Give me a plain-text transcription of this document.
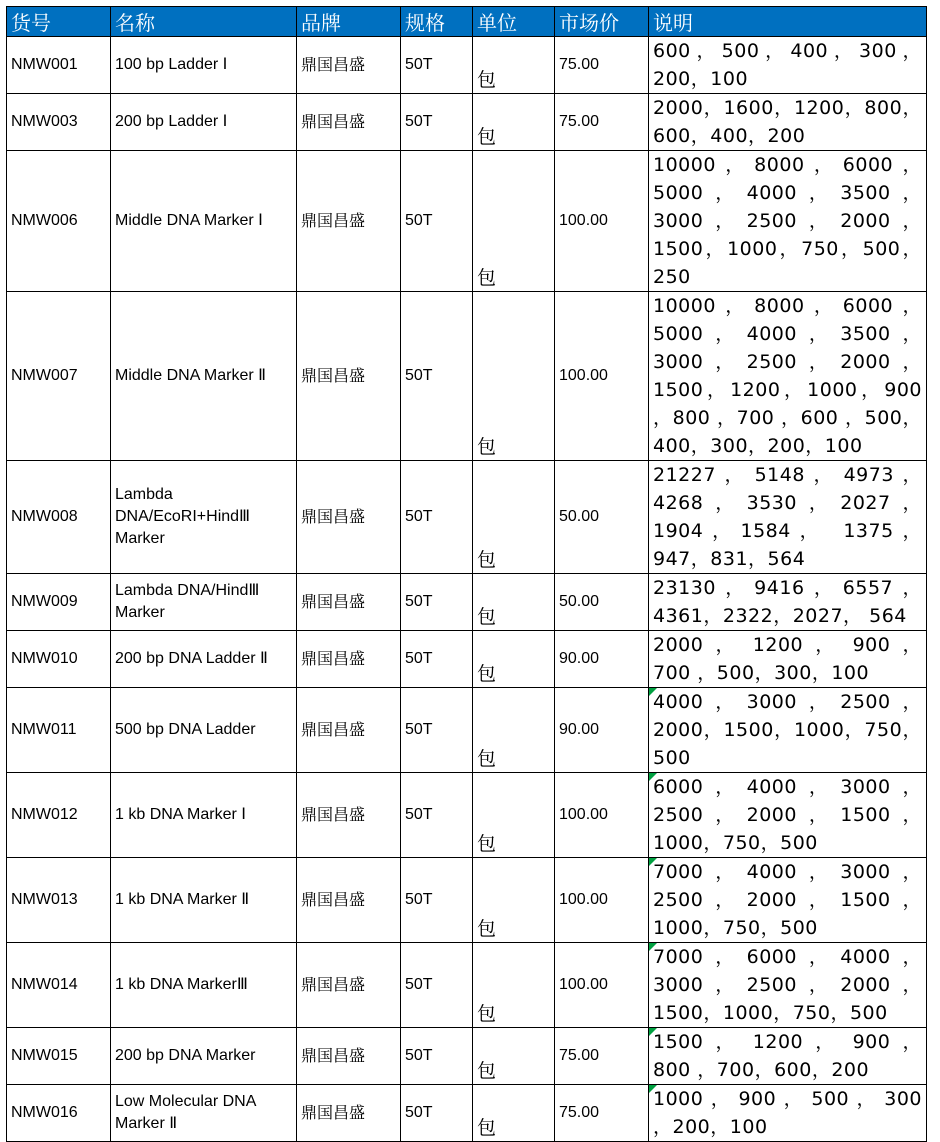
货号	名称	品牌	规格	单位	市场价	说明
NMW001	100 bp Ladder Ⅰ	鼎国昌盛	50T	包	75.00	600，500，400，300，200，100
NMW003	200 bp Ladder Ⅰ	鼎国昌盛	50T	包	75.00	2000，1600，1200，800，600，400，200
NMW006	Middle DNA Marker Ⅰ	鼎国昌盛	50T	包	100.00	10000，8000，6000，5000，4000，3500，3000，2500，2000，1500，1000，750，500，250
NMW007	Middle DNA Marker Ⅱ	鼎国昌盛	50T	包	100.00	10000，8000，6000，5000，4000，3500，3000，2500，2000，1500，1200，1000，900 ，800 ，700 ，600 ，500，400，300，200，100
NMW008	Lambda DNA/EcoRI+HindⅢ Marker	鼎国昌盛	50T	包	50.00	21227 ， 5148 ， 4973 ，4268，3530，2027， 1904，1584， 1375， 947，831，564
NMW009	Lambda DNA/HindⅢ Marker	鼎国昌盛	50T	包	50.00	23130，9416，6557，4361，2322，2027， 564
NMW010	200 bp DNA Ladder Ⅱ	鼎国昌盛	50T	包	90.00	2000 ， 1200 ， 900 ， 700 ，500，300，100
NMW011	500 bp DNA Ladder	鼎国昌盛	50T	包	90.00	4000，3000，2500，2000，1500，1000，750，500
NMW012	1 kb DNA Marker Ⅰ	鼎国昌盛	50T	包	100.00	6000，4000，3000，2500，2000，1500，1000，750，500
NMW013	1 kb DNA Marker Ⅱ	鼎国昌盛	50T	包	100.00	7000，4000，3000，2500，2000，1500，1000，750，500
NMW014	1 kb DNA MarkerⅢ	鼎国昌盛	50T	包	100.00	7000，6000，4000，3000，2500，2000，1500，1000，750，500
NMW015	200 bp DNA Marker	鼎国昌盛	50T	包	75.00	1500 ， 1200 ， 900 ， 800 ，700，600，200
NMW016	Low Molecular DNA Marker Ⅱ	鼎国昌盛	50T	包	75.00	1000 ， 900 ， 500 ， 300 ，200，100
